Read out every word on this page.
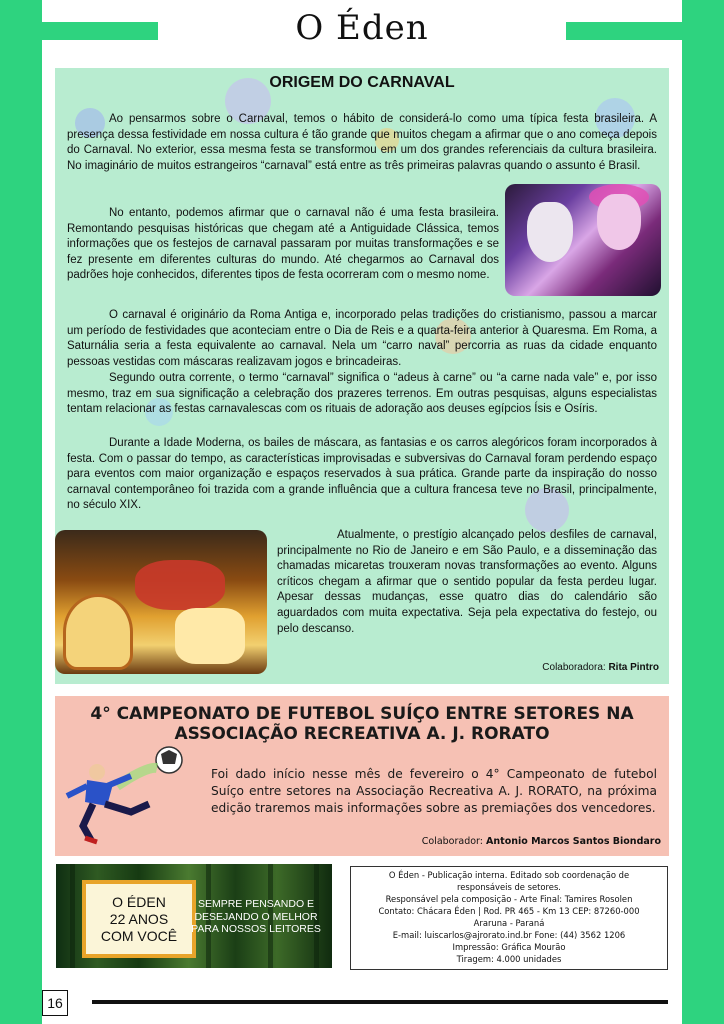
O Éden
ORIGEM DO CARNAVAL

Ao pensarmos sobre o Carnaval, temos o hábito de considerá-lo como uma típica festa brasileira. A presença dessa festividade em nossa cultura é tão grande que muitos chegam a afirmar que o ano começa depois do Carnaval. No exterior, essa mesma festa se transformou em um dos grandes referenciais da cultura brasileira. No imaginário de muitos estrangeiros “carnaval” está entre as três primeiras palavras quando o assunto é Brasil.

No entanto, podemos afirmar que o carnaval não é uma festa brasileira. Remontando pesquisas históricas que chegam até a Antiguidade Clássica, temos informações que os festejos de carnaval passaram por muitas transformações e se fez presente em diferentes culturas do mundo. Até chegarmos ao Carnaval dos padrões hoje conhecidos, diferentes tipos de festa ocorreram com o mesmo nome.

O carnaval é originário da Roma Antiga e, incorporado pelas tradições do cristianismo, passou a marcar um período de festividades que aconteciam entre o Dia de Reis e a quarta-feira anterior à Quaresma. Em Roma, a Saturnália seria a festa equivalente ao carnaval. Nela um “carro naval” percorria as ruas da cidade enquanto pessoas vestidas com máscaras realizavam jogos e brincadeiras.

Segundo outra corrente, o termo “carnaval” significa o “adeus à carne” ou “a carne nada vale” e, por isso mesmo, traz em sua significação a celebração dos prazeres terrenos. Em outras pesquisas, alguns especialistas tentam relacionar as festas carnavalescas com os rituais de adoração aos deuses egípcios Ísis e Osíris.

Durante a Idade Moderna, os bailes de máscara, as fantasias e os carros alegóricos foram incorporados à festa. Com o passar do tempo, as características improvisadas e subversivas do Carnaval foram perdendo espaço para eventos com maior organização e espaços reservados à sua prática. Grande parte da inspiração do nosso carnaval contemporâneo foi trazida com a grande influência que a cultura francesa teve no Brasil, principalmente, no século XIX.

Atualmente, o prestígio alcançado pelos desfiles de carnaval, principalmente no Rio de Janeiro e em São Paulo, e a disseminação das chamadas micaretas trouxeram novas transformações ao evento. Alguns críticos chegam a afirmar que o sentido popular da festa perdeu lugar. Apesar dessas mudanças, esse quatro dias do calendário são aguardados com muita expectativa. Seja pela expectativa do festejo, ou pelo descanso.

Colaboradora: Rita Pintro
4° CAMPEONATO DE FUTEBOL SUÍÇO ENTRE SETORES NA
ASSOCIAÇÃO RECREATIVA A. J. RORATO

Foi dado início nesse mês de fevereiro o 4° Campeonato de futebol Suíço entre setores na Associação Recreativa A. J. RORATO, na próxima edição traremos mais informações sobre as premiações dos vencedores.

Colaborador: Antonio Marcos Santos Biondaro
O ÉDEN
22 ANOS
COM VOCÊ
SEMPRE PENSANDO E
DESEJANDO O MELHOR
PARA NOSSOS LEITORES
O Éden - Publicação interna. Editado sob coordenação de
responsáveis de setores.
Responsável pela composição - Arte Final: Tamires Rosolen
Contato: Chácara Éden | Rod. PR 465 - Km 13 CEP: 87260-000
Araruna - Paraná
E-mail: luiscarlos@ajrorato.ind.br Fone: (44) 3562 1206
Impressão: Gráfica Mourão
Tiragem: 4.000 unidades
16
